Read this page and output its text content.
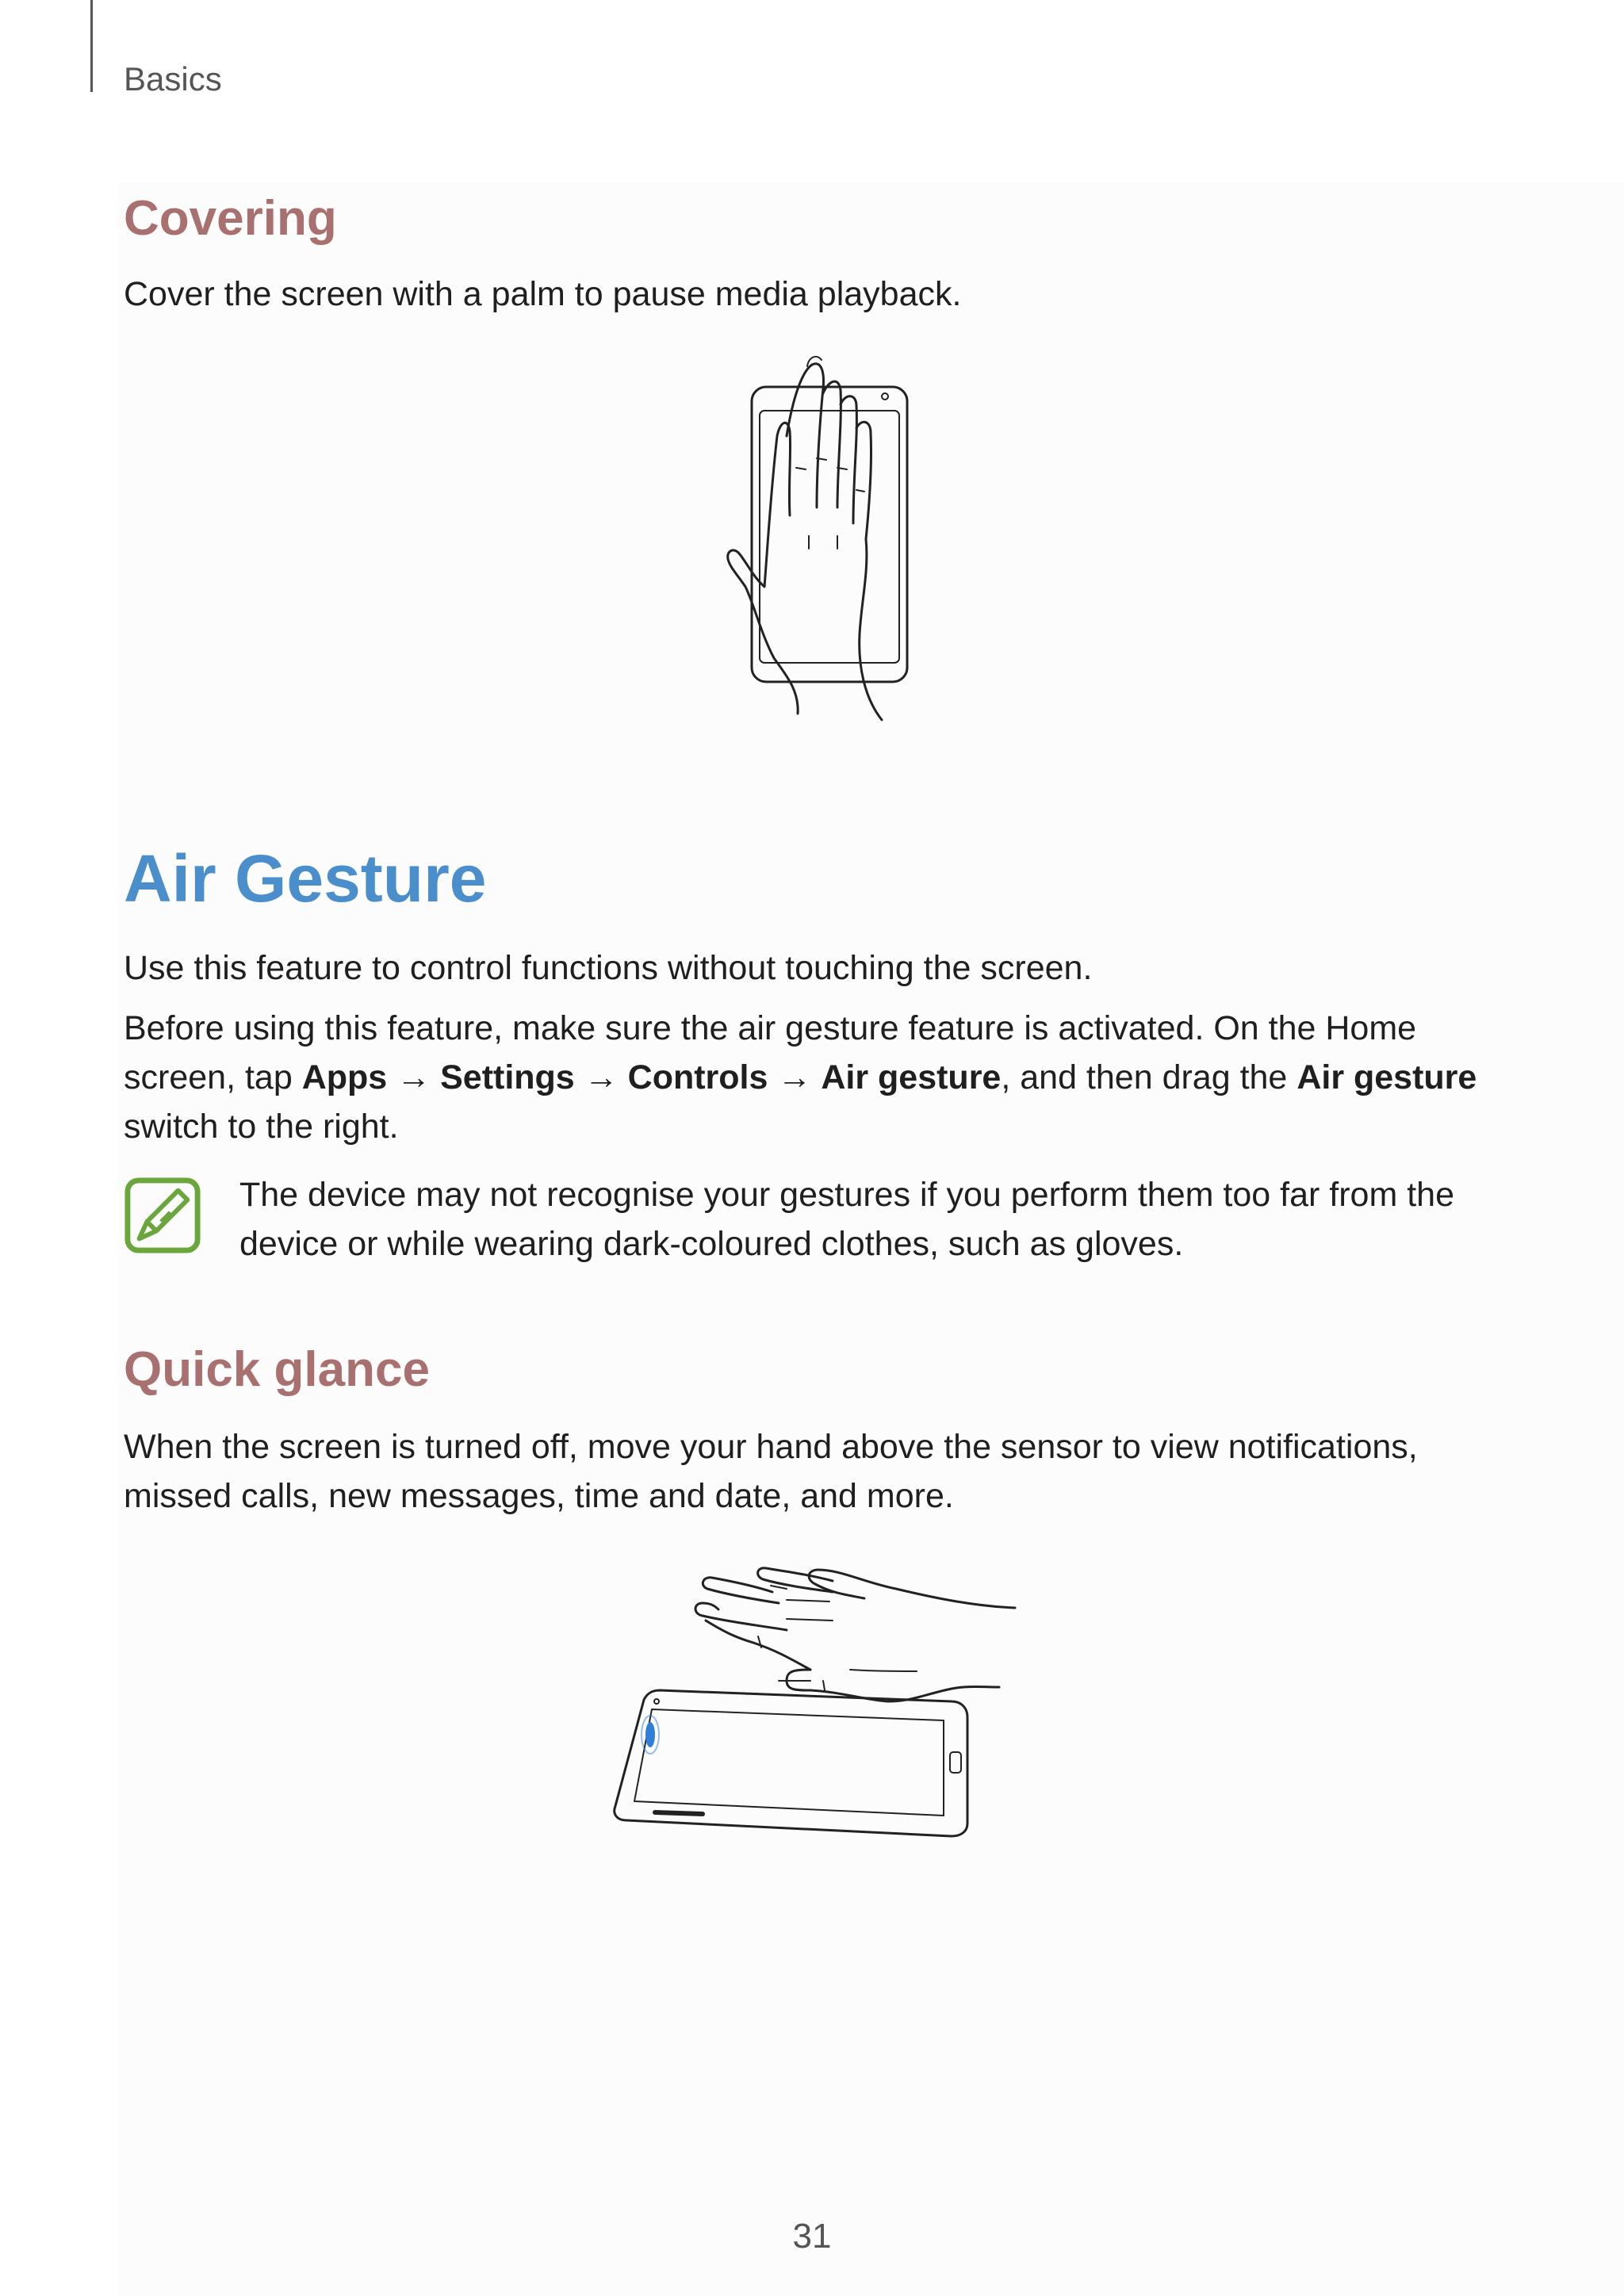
Basics
Covering
Cover the screen with a palm to pause media playback.
Air Gesture
Use this feature to control functions without touching the screen.
Before using this feature, make sure the air gesture feature is activated. On the Home screen, tap Apps → Settings → Controls → Air gesture, and then drag the Air gesture switch to the right.
The device may not recognise your gestures if you perform them too far from the device or while wearing dark-coloured clothes, such as gloves.
Quick glance
When the screen is turned off, move your hand above the sensor to view notifications, missed calls, new messages, time and date, and more.
31
